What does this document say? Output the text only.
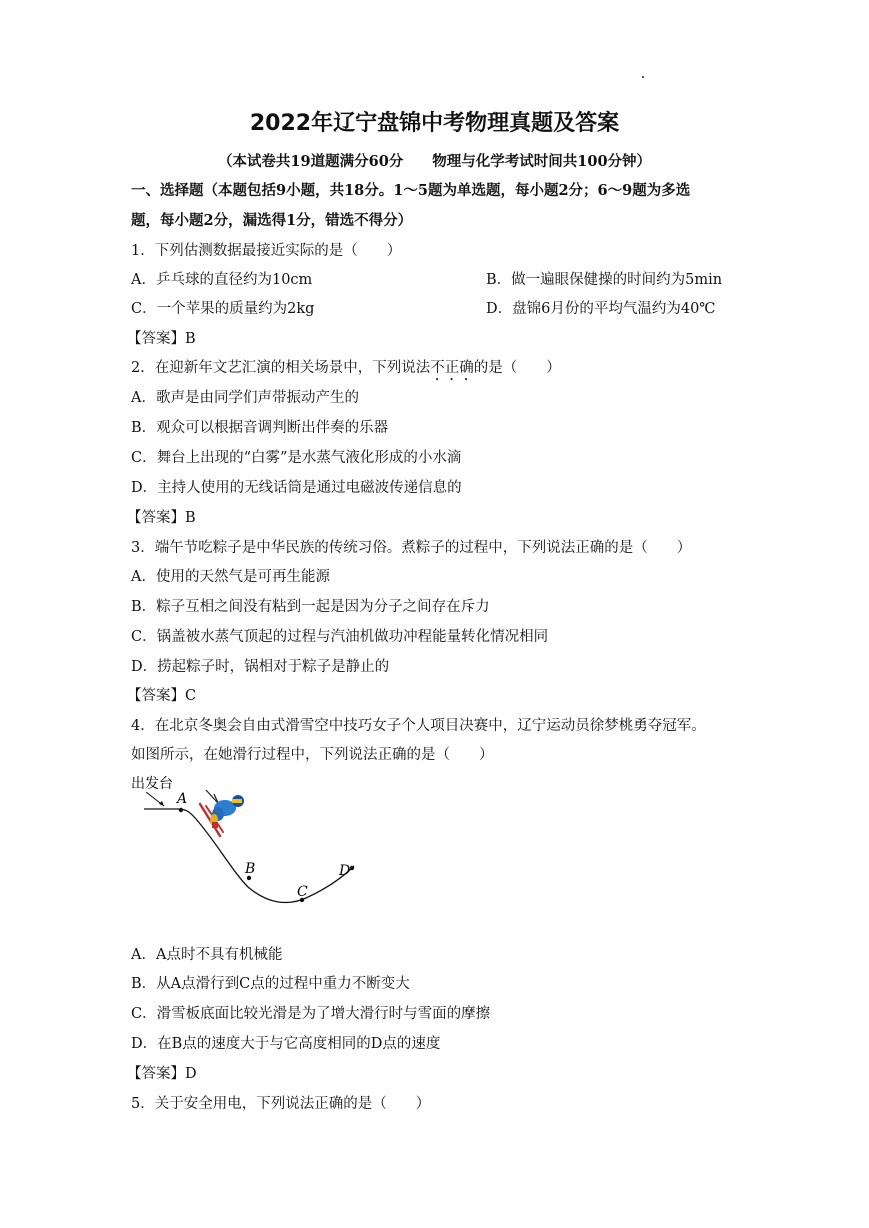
2022年辽宁盘锦中考物理真题及答案
（本试卷共19道题满分60分　　物理与化学考试时间共100分钟）
一、选择题（本题包括9小题，共18分。1～5题为单选题，每小题2分；6～9题为多选
题，每小题2分，漏选得1分，错选不得分）
1．下列估测数据最接近实际的是（　　）
A．乒乓球的直径约为10cm	B．做一遍眼保健操的时间约为5min
C．一个苹果的质量约为2kg	D．盘锦6月份的平均气温约为40℃
【答案】B
2．在迎新年文艺汇演的相关场景中，下列说法不正确的是（　　）
A．歌声是由同学们声带振动产生的
B．观众可以根据音调判断出伴奏的乐器
C．舞台上出现的“白雾”是水蒸气液化形成的小水滴
D．主持人使用的无线话筒是通过电磁波传递信息的
【答案】B
3．端午节吃粽子是中华民族的传统习俗。煮粽子的过程中，下列说法正确的是（　　）
A．使用的天然气是可再生能源
B．粽子互相之间没有粘到一起是因为分子之间存在斥力
C．锅盖被水蒸气顶起的过程与汽油机做功冲程能量转化情况相同
D．捞起粽子时，锅相对于粽子是静止的
【答案】C
4．在北京冬奥会自由式滑雪空中技巧女子个人项目决赛中，辽宁运动员徐梦桃勇夺冠军。
如图所示，在她滑行过程中，下列说法正确的是（　　）
出发台
A
B
C
D
A．A点时不具有机械能
B．从A点滑行到C点的过程中重力不断变大
C．滑雪板底面比较光滑是为了增大滑行时与雪面的摩擦
D．在B点的速度大于与它高度相同的D点的速度
【答案】D
5．关于安全用电，下列说法正确的是（　　）
